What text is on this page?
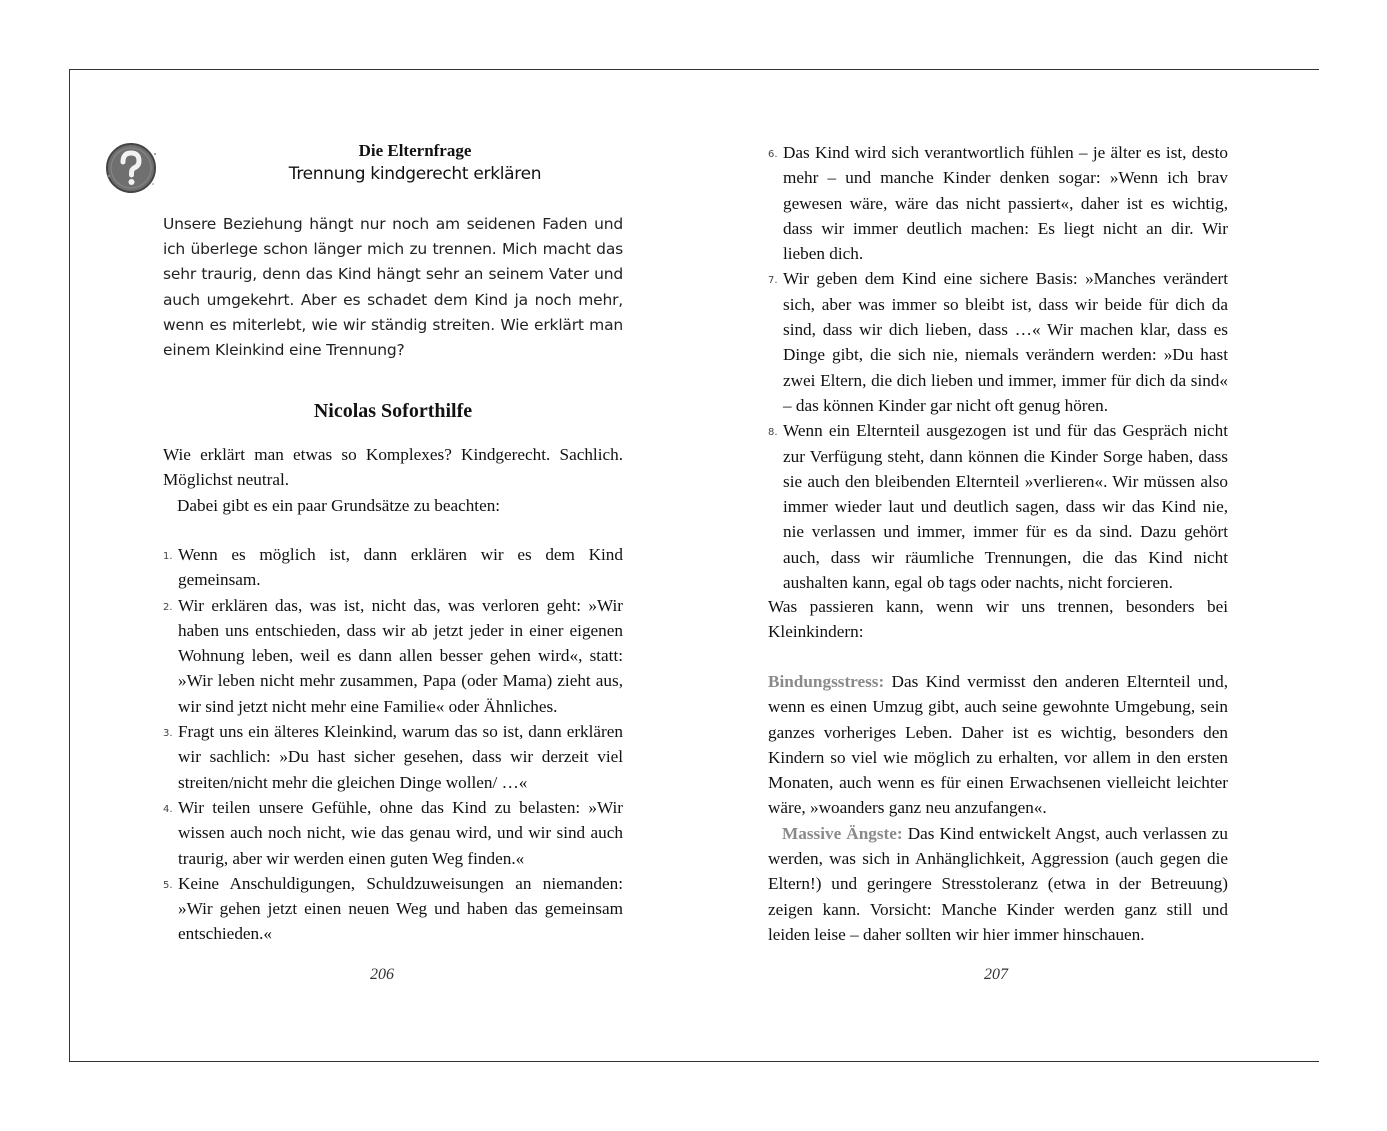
Die Elternfrage
Trennung kindgerecht erklären
Unsere Beziehung hängt nur noch am seidenen Faden und ich überlege schon länger mich zu trennen. Mich macht das sehr traurig, denn das Kind hängt sehr an seinem Vater und auch umgekehrt. Aber es schadet dem Kind ja noch mehr, wenn es miterlebt, wie wir ständig streiten. Wie erklärt man einem Kleinkind eine Trennung?
Nicolas Soforthilfe

Wie erklärt man etwas so Komplexes? Kindgerecht. Sachlich. Möglichst neutral.

Dabei gibt es ein paar Grundsätze zu beachten:

1. Wenn es möglich ist, dann erklären wir es dem Kind gemeinsam.
2. Wir erklären das, was ist, nicht das, was verloren geht: »Wir haben uns entschieden, dass wir ab jetzt jeder in einer eigenen Wohnung leben, weil es dann allen besser gehen wird«, statt: »Wir leben nicht mehr zusammen, Papa (oder Mama) zieht aus, wir sind jetzt nicht mehr eine Familie« oder Ähnliches.
3. Fragt uns ein älteres Kleinkind, warum das so ist, dann erklären wir sachlich: »Du hast sicher gesehen, dass wir derzeit viel streiten/nicht mehr die gleichen Dinge wollen/ …«
4. Wir teilen unsere Gefühle, ohne das Kind zu belasten: »Wir wissen auch noch nicht, wie das genau wird, und wir sind auch traurig, aber wir werden einen guten Weg finden.«
5. Keine Anschuldigungen, Schuldzuweisungen an niemanden: »Wir gehen jetzt einen neuen Weg und haben das gemeinsam entschieden.«
206
6. Das Kind wird sich verantwortlich fühlen – je älter es ist, desto mehr – und manche Kinder denken sogar: »Wenn ich brav gewesen wäre, wäre das nicht passiert«, daher ist es wichtig, dass wir immer deutlich machen: Es liegt nicht an dir. Wir lieben dich.
7. Wir geben dem Kind eine sichere Basis: »Manches verändert sich, aber was immer so bleibt ist, dass wir beide für dich da sind, dass wir dich lieben, dass …« Wir machen klar, dass es Dinge gibt, die sich nie, niemals verändern werden: »Du hast zwei Eltern, die dich lieben und immer, immer für dich da sind« – das können Kinder gar nicht oft genug hören.
8. Wenn ein Elternteil ausgezogen ist und für das Gespräch nicht zur Verfügung steht, dann können die Kinder Sorge haben, dass sie auch den bleibenden Elternteil »verlieren«. Wir müssen also immer wieder laut und deutlich sagen, dass wir das Kind nie, nie verlassen und immer, immer für es da sind. Dazu gehört auch, dass wir räumliche Trennungen, die das Kind nicht aushalten kann, egal ob tags oder nachts, nicht forcieren.

Was passieren kann, wenn wir uns trennen, besonders bei Kleinkindern:

Bindungsstress: Das Kind vermisst den anderen Elternteil und, wenn es einen Umzug gibt, auch seine gewohnte Umgebung, sein ganzes vorheriges Leben. Daher ist es wichtig, besonders den Kindern so viel wie möglich zu erhalten, vor allem in den ersten Monaten, auch wenn es für einen Erwachsenen vielleicht leichter wäre, »woanders ganz neu anzufangen«.

Massive Ängste: Das Kind entwickelt Angst, auch verlassen zu werden, was sich in Anhänglichkeit, Aggression (auch gegen die Eltern!) und geringere Stresstoleranz (etwa in der Betreuung) zeigen kann. Vorsicht: Manche Kinder werden ganz still und leiden leise – daher sollten wir hier immer hinschauen.

207
